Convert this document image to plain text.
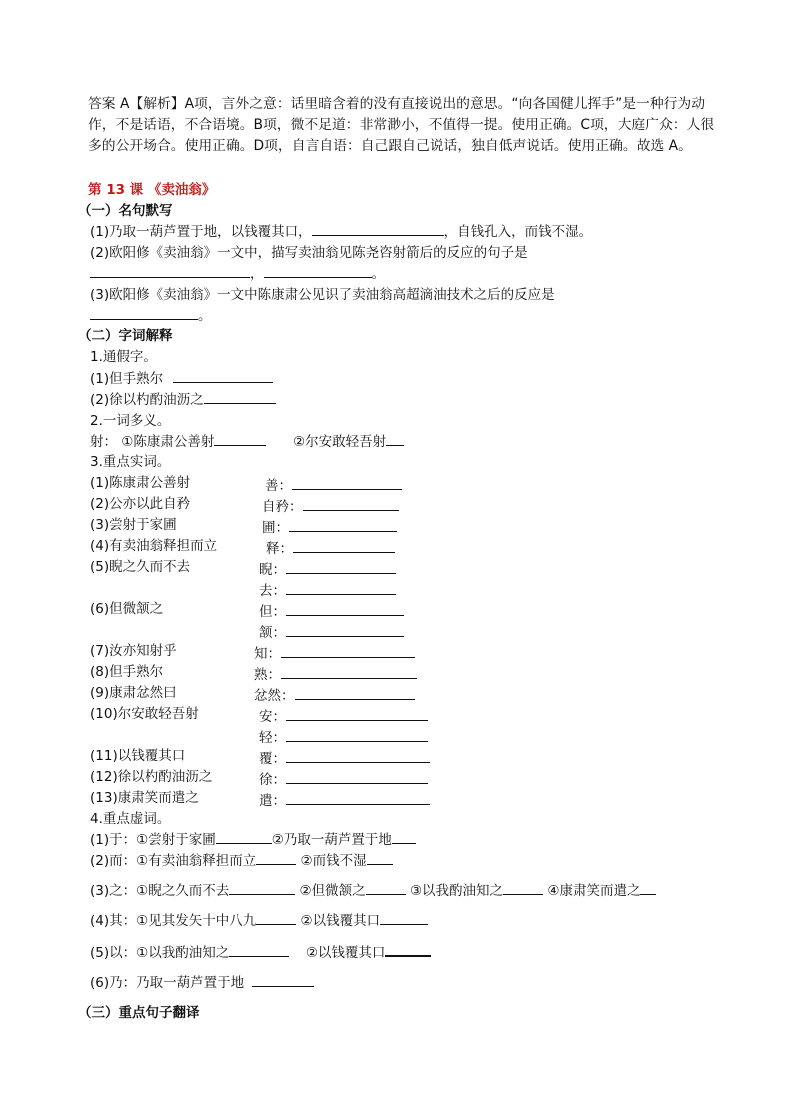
答案 A【解析】A项，言外之意：话里暗含着的没有直接说出的意思。“向各国健儿挥手”是一种行为动作，不是话语，不合语境。B项，微不足道：非常渺小，不值得一提。使用正确。C项，大庭广众：人很多的公开场合。使用正确。D项，自言自语：自己跟自己说话，独自低声说话。使用正确。故选 A。
第 13 课 《卖油翁》
（一）名句默写
(1)乃取一葫芦置于地，以钱覆其口，	，自钱孔入，而钱不湿。
(2)欧阳修《卖油翁》一文中，描写卖油翁见陈尧咨射箭后的反应的句子是
，	。
(3)欧阳修《卖油翁》一文中陈康肃公见识了卖油翁高超滴油技术之后的反应是
。
（二）字词解释
1.通假字。
(1)但手熟尔
(2)徐以杓酌油沥之
2.一词多义。
射： ①陈康肃公善射	②尔安敢轻吾射
3.重点实词。
(1)陈康肃公善射	善：
(2)公亦以此自矜	自矜：
(3)尝射于家圃	圃：
(4)有卖油翁释担而立	释：
(5)睨之久而不去	睨：
去：
(6)但微颔之	但：
颔：
(7)汝亦知射乎	知：
(8)但手熟尔	熟：
(9)康肃忿然曰	忿然：
(10)尔安敢轻吾射	安：
轻：
(11)以钱覆其口	覆：
(12)徐以杓酌油沥之	徐：
(13)康肃笑而遣之	遣：
4.重点虚词。
(1)于：①尝射于家圃	②乃取一葫芦置于地
(2)而：①有卖油翁释担而立	②而钱不湿
(3)之：①睨之久而不去	②但微颔之	③以我酌油知之	④康肃笑而遣之
(4)其：①见其发矢十中八九	②以钱覆其口
(5)以：①以我酌油知之	②以钱覆其口
(6)乃：乃取一葫芦置于地
（三）重点句子翻译
